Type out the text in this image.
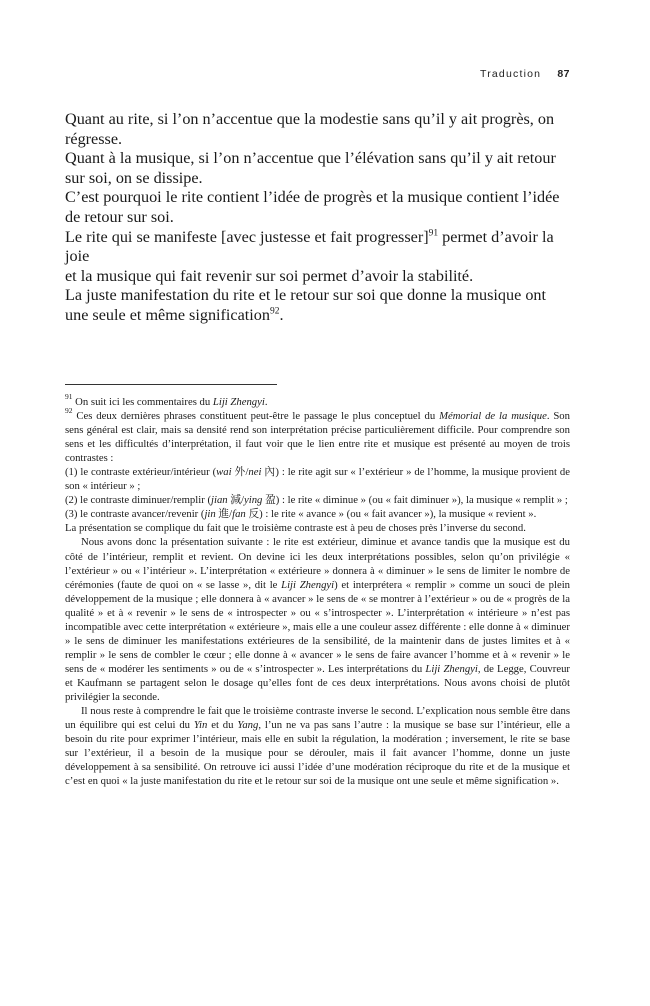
Traduction 87

Quant au rite, si l’on n’accentue que la modestie sans qu’il y ait progrès, on régresse.

Quant à la musique, si l’on n’accentue que l’élévation sans qu’il y ait retour sur soi, on se dissipe.

C’est pourquoi le rite contient l’idée de progrès et la musique contient l’idée de retour sur soi.

Le rite qui se manifeste [avec justesse et fait progresser]$^{91}$ permet d’avoir la joie

et la musique qui fait revenir sur soi permet d’avoir la stabilité.

La juste manifestation du rite et le retour sur soi que donne la musique ont une seule et même signification$^{92}$.

$^{91}$ On suit ici les commentaires du Liji Zhengyi.

$^{92}$ Ces deux dernières phrases constituent peut-être le passage le plus conceptuel du Mémorial de la musique. Son sens général est clair, mais sa densité rend son interprétation précise particulièrement difficile. Pour comprendre son sens et les difficultés d’interprétation, il faut voir que le lien entre rite et musique est présenté au moyen de trois contrastes :

(1) le contraste extérieur/intérieur (wai 外/nei 內) : le rite agit sur « l’extérieur » de l’homme, la musique provient de son « intérieur » ;

(2) le contraste diminuer/remplir (jian 減/ying 盈) : le rite « diminue » (ou « fait diminuer »), la musique « remplit » ;

(3) le contraste avancer/revenir (jin 進/fan 反) : le rite « avance » (ou « fait avancer »), la musique « revient ».

La présentation se complique du fait que le troisième contraste est à peu de choses près l’inverse du second.

Nous avons donc la présentation suivante : le rite est extérieur, diminue et avance tandis que la musique est du côté de l’intérieur, remplit et revient. On devine ici les deux interprétations possibles, selon qu’on privilégie « l’extérieur » ou « l’intérieur ». L’interprétation « extérieure » donnera à « diminuer » le sens de limiter le nombre de cérémonies (faute de quoi on « se lasse », dit le Liji Zhengyi) et interprétera « remplir » comme un souci de plein développement de la musique ; elle donnera à « avancer » le sens de « se montrer à l’extérieur » ou de « progrès de la qualité » et à « revenir » le sens de « introspecter » ou « s’introspecter ». L’interprétation « intérieure » n’est pas incompatible avec cette interprétation « extérieure », mais elle a une couleur assez différente : elle donne à « diminuer » le sens de diminuer les manifestations extérieures de la sensibilité, de la maintenir dans de justes limites et à « remplir » le sens de combler le cœur ; elle donne à « avancer » le sens de faire avancer l’homme et à « revenir » le sens de « modérer les sentiments » ou de « s’introspecter ». Les interprétations du Liji Zhengyi, de Legge, Couvreur et Kaufmann se partagent selon le dosage qu’elles font de ces deux interprétations. Nous avons choisi de plutôt privilégier la seconde.

Il nous reste à comprendre le fait que le troisième contraste inverse le second. L’explication nous semble être dans un équilibre qui est celui du Yin et du Yang, l’un ne va pas sans l’autre : la musique se base sur l’intérieur, elle a besoin du rite pour exprimer l’intérieur, mais elle en subit la régulation, la modération ; inversement, le rite se base sur l’extérieur, il a besoin de la musique pour se dérouler, mais il fait avancer l’homme, donne un juste développement à sa sensibilité. On retrouve ici aussi l’idée d’une modération réciproque du rite et de la musique et c’est en quoi « la juste manifestation du rite et le retour sur soi de la musique ont une seule et même signification ».
